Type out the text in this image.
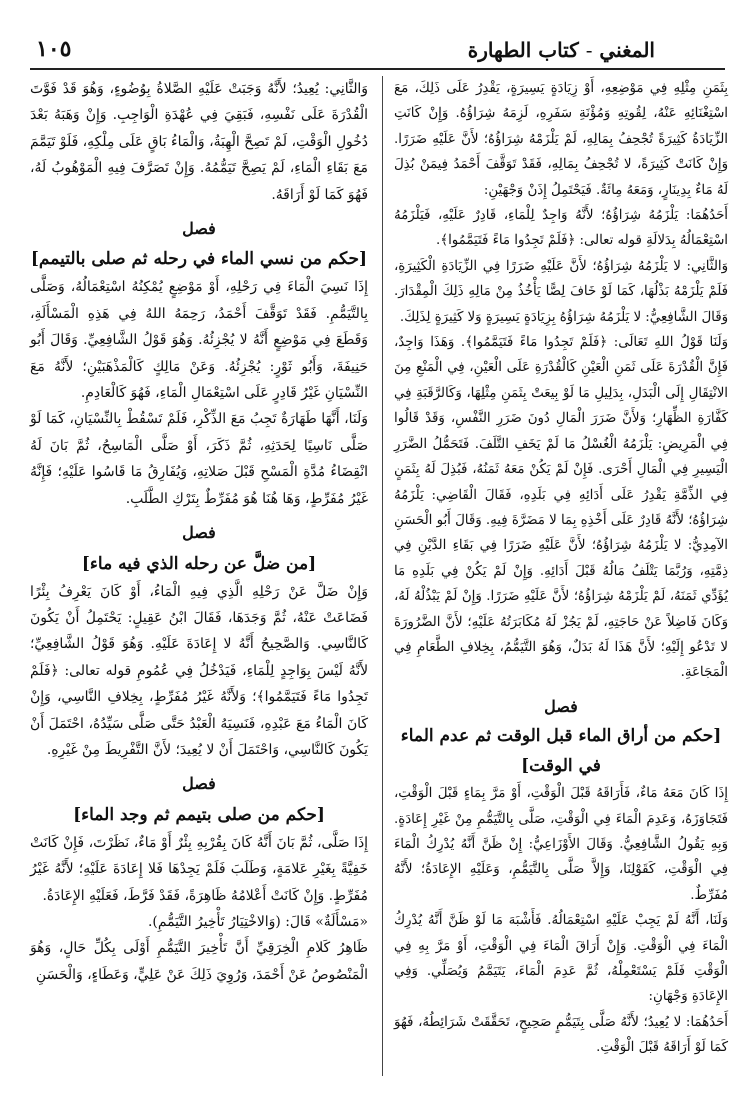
المغني - كتاب الطهارة
١٠٥

بِثَمَنِ مِثْلِهِ فِي مَوْضِعِهِ، أَوْ زِيَادَةٍ يَسِيرَةٍ، يَقْدِرُ عَلَى ذَلِكَ، مَعَ اسْتِغْنَائِهِ عَنْهُ، لِقُوتِهِ وَمُؤْنَةِ سَفَرِهِ، لَزِمَهُ شِرَاؤُهُ. وَإِنْ كَانَتِ الزِّيَادَةُ كَثِيرَةً تُجْحِفُ بِمَالِهِ، لَمْ يَلْزَمْهُ شِرَاؤُهُ؛ لأَنَّ عَلَيْهِ ضَرَرًا. وَإِنْ كَانَتْ كَثِيرَةً، لا تُجْحِفُ بِمَالِهِ، فَقَدْ تَوَقَّفَ أَحْمَدُ فِيمَنْ بُذِلَ لَهُ مَاءٌ بِدِينَارٍ، وَمَعَهُ مِائَةٌ. فَيَحْتَمِلُ إِذَنْ وَجْهَيْنِ:

أَحَدُهُمَا: يَلْزَمُهُ شِرَاؤُهُ؛ لأَنَّهُ وَاجِدٌ لِلْمَاءِ، قَادِرٌ عَلَيْهِ، فَيَلْزَمُهُ اسْتِعْمَالُهُ بِدَلالَةِ قوله تعالى: ﴿فَلَمْ تَجِدُوا مَاءً فَتَيَمَّمُوا﴾.

وَالثَّانِي: لا يَلْزَمُهُ شِرَاؤُهُ؛ لأَنَّ عَلَيْهِ ضَرَرًا فِي الزِّيَادَةِ الْكَثِيرَةِ، فَلَمْ يَلْزَمْهُ بَذْلُهَا، كَمَا لَوْ خَافَ لِصًّا يَأْخُذُ مِنْ مَالِهِ ذَلِكَ الْمِقْدَارَ. وَقَالَ الشَّافِعِيُّ: لا يَلْزَمُهُ شِرَاؤُهُ بِزِيَادَةٍ يَسِيرَةٍ وَلا كَثِيرَةٍ لِذَلِكَ.

وَلَنَا قَوْلُ اللهِ تَعَالَى: ﴿فَلَمْ تَجِدُوا مَاءً فَتَيَمَّمُوا﴾. وَهَذَا وَاجِدٌ، فَإِنَّ الْقُدْرَةَ عَلَى ثَمَنِ الْعَيْنِ كَالْقُدْرَةِ عَلَى الْعَيْنِ، فِي الْمَنْعِ مِنَ الانْتِقَالِ إِلَى الْبَدَلِ، بِدَلِيلِ مَا لَوْ بِيعَتْ بِثَمَنِ مِثْلِهَا، وَكَالرَّقَبَةِ فِي كَفَّارَةِ الظِّهَارِ؛ وَلأَنَّ ضَرَرَ الْمَالِ دُونَ ضَرَرِ النَّفْسِ، وَقَدْ قَالُوا فِي الْمَرِيضِ: يَلْزَمُهُ الْغُسْلُ مَا لَمْ يَخَفِ التَّلَفَ. فَتَحَمُّلُ الضَّرَرِ الْيَسِيرِ فِي الْمَالِ أَحْرَى. فَإِنْ لَمْ يَكُنْ مَعَهُ ثَمَنُهُ، فَبُذِلَ لَهُ بِثَمَنٍ فِي الذِّمَّةِ يَقْدِرُ عَلَى أَدَائِهِ فِي بَلَدِهِ، فَقَالَ الْقَاضِي: يَلْزَمُهُ شِرَاؤُهُ؛ لأَنَّهُ قَادِرٌ عَلَى أَخْذِهِ بِمَا لا مَضَرَّةَ فِيهِ. وَقَالَ أَبُو الْحَسَنِ الآمِدِيُّ: لا يَلْزَمُهُ شِرَاؤُهُ؛ لأَنَّ عَلَيْهِ ضَرَرًا فِي بَقَاءِ الدَّيْنِ فِي ذِمَّتِهِ، وَرُبَّمَا يَتْلَفُ مَالُهُ قَبْلَ أَدَائِهِ. وَإِنْ لَمْ يَكُنْ فِي بَلَدِهِ مَا يُؤَدِّي ثَمَنَهُ، لَمْ يَلْزَمْهُ شِرَاؤُهُ؛ لأَنَّ عَلَيْهِ ضَرَرًا. وَإِنْ لَمْ يَبْذُلْهُ لَهُ، وَكَانَ فَاضِلاً عَنْ حَاجَتِهِ، لَمْ يَجُزْ لَهُ مُكَابَرَتُهُ عَلَيْهِ؛ لأَنَّ الضَّرُورَةَ لا تَدْعُو إِلَيْهِ؛ لأَنَّ هَذَا لَهُ بَدَلٌ، وَهُوَ التَّيَمُّمُ، بِخِلافِ الطَّعَامِ فِي الْمَجَاعَةِ.

فصل
[حكم من أراق الماء قبل الوقت ثم عدم الماء في الوقت]

إِذَا كَانَ مَعَهُ مَاءٌ، فَأَرَاقَهُ قَبْلَ الْوَقْتِ، أَوْ مَرَّ بِمَاءٍ قَبْلَ الْوَقْتِ، فَتَجَاوَزَهُ، وَعَدِمَ الْمَاءَ فِي الْوَقْتِ، صَلَّى بِالتَّيَمُّمِ مِنْ غَيْرِ إِعَادَةٍ. وَبِهِ يَقُولُ الشَّافِعِيُّ. وَقَالَ الأَوْزَاعِيُّ: إِنْ ظَنَّ أَنَّهُ يُدْرِكُ الْمَاءَ فِي الْوَقْتِ، كَقَوْلِنَا، وَإِلاَّ صَلَّى بِالتَّيَمُّمِ، وَعَلَيْهِ الإِعَادَةُ؛ لأَنَّهُ مُفَرِّطٌ.

وَلَنَا، أَنَّهُ لَمْ يَجِبْ عَلَيْهِ اسْتِعْمَالُهُ. فَأَشْبَهَ مَا لَوْ ظَنَّ أَنَّهُ يُدْرِكُ الْمَاءَ فِي الْوَقْتِ. وَإِنْ أَرَاقَ الْمَاءَ فِي الْوَقْتِ، أَوْ مَرَّ بِهِ فِي الْوَقْتِ فَلَمْ يَسْتَعْمِلْهُ، ثُمَّ عَدِمَ الْمَاءَ، يَتَيَمَّمُ وَيُصَلِّي. وَفِي الإِعَادَةِ وَجْهَانِ:

أَحَدُهُمَا: لا يُعِيدُ؛ لأَنَّهُ صَلَّى بِتَيَمُّمٍ صَحِيحٍ، تَحَقَّقَتْ شَرَائِطُهُ، فَهُوَ كَمَا لَوْ أَرَاقَهُ قَبْلَ الْوَقْتِ.

وَالثَّانِي: يُعِيدُ؛ لأَنَّهُ وَجَبَتْ عَلَيْهِ الصَّلاةُ بِوُضُوءٍ، وَهُوَ قَدْ فَوَّتَ الْقُدْرَةَ عَلَى نَفْسِهِ، فَبَقِيَ فِي عُهْدَةِ الْوَاجِبِ. وَإِنْ وَهَبَهُ بَعْدَ دُخُولِ الْوَقْتِ، لَمْ تَصِحَّ الْهِبَةُ، وَالْمَاءُ بَاقٍ عَلَى مِلْكِهِ، فَلَوْ تَيَمَّمَ مَعَ بَقَاءِ الْمَاءِ، لَمْ يَصِحَّ تَيَمُّمُهُ. وَإِنْ تَصَرَّفَ فِيهِ الْمَوْهُوبُ لَهُ، فَهُوَ كَمَا لَوْ أَرَاقَهُ.

فصل
[حكم من نسي الماء في رحله ثم صلى بالتيمم]

إِذَا نَسِيَ الْمَاءَ فِي رَحْلِهِ، أَوْ مَوْضِعٍ يُمْكِنُهُ اسْتِعْمَالُهُ، وَصَلَّى بِالتَّيَمُّمِ. فَقَدْ تَوَقَّفَ أَحْمَدُ، رَحِمَهُ اللهُ فِي هَذِهِ الْمَسْأَلَةِ، وَقَطَعَ فِي مَوْضِعٍ أَنَّهُ لا يُجْزِئُهُ. وَهُوَ قَوْلُ الشَّافِعِيِّ. وَقَالَ أَبُو حَنِيفَةَ، وَأَبُو ثَوْرٍ: يُجْزِئُهُ. وَعَنْ مَالِكٍ كَالْمَذْهَبَيْنِ؛ لأَنَّهُ مَعَ النِّسْيَانِ غَيْرُ قَادِرٍ عَلَى اسْتِعْمَالِ الْمَاءِ، فَهُوَ كَالْعَادِمِ.

وَلَنَا، أَنَّهَا طَهَارَةٌ تَجِبُ مَعَ الذِّكْرِ، فَلَمْ تَسْقُطْ بِالنِّسْيَانِ، كَمَا لَوْ صَلَّى نَاسِيًا لِحَدَثِهِ، ثُمَّ ذَكَرَ، أَوْ صَلَّى الْمَاسِحُ، ثُمَّ بَانَ لَهُ انْقِضَاءُ مُدَّةِ الْمَسْحِ قَبْلَ صَلاتِهِ، وَيُفَارِقُ مَا قَاسُوا عَلَيْهِ؛ فَإِنَّهُ غَيْرُ مُفَرِّطٍ، وَهَا هُنَا هُوَ مُفَرِّطٌ بِتَرْكِ الطَّلَبِ.

فصل
[من ضلَّ عن رحله الذي فيه ماء]

وَإِنْ ضَلَّ عَنْ رَحْلِهِ الَّذِي فِيهِ الْمَاءُ، أَوْ كَانَ يَعْرِفُ بِئْرًا فَضَاعَتْ عَنْهُ، ثُمَّ وَجَدَهَا، فَقَالَ ابْنُ عَقِيلٍ: يَحْتَمِلُ أَنْ يَكُونَ كَالنَّاسِي. وَالصَّحِيحُ أَنَّهُ لا إِعَادَةَ عَلَيْهِ. وَهُوَ قَوْلُ الشَّافِعِيِّ؛ لأَنَّهُ لَيْسَ بِوَاجِدٍ لِلْمَاءِ، فَيَدْخُلُ فِي عُمُومِ قوله تعالى: ﴿فَلَمْ تَجِدُوا مَاءً فَتَيَمَّمُوا﴾؛ وَلأَنَّهُ غَيْرُ مُفَرِّطٍ، بِخِلافِ النَّاسِي، وَإِنْ كَانَ الْمَاءُ مَعَ عَبْدِهِ، فَنَسِيَهُ الْعَبْدُ حَتَّى صَلَّى سَيِّدُهُ، احْتَمَلَ أَنْ يَكُونَ كَالنَّاسِي، وَاحْتَمَلَ أَنْ لا يُعِيدَ؛ لأَنَّ التَّفْرِيطَ مِنْ غَيْرِهِ.

فصل
[حكم من صلى بتيمم ثم وجد الماء]

إِذَا صَلَّى، ثُمَّ بَانَ أَنَّهُ كَانَ بِقُرْبِهِ بِئْرٌ أَوْ مَاءٌ، نَظَرْتَ، فَإِنْ كَانَتْ خَفِيَّةً بِغَيْرِ عَلامَةٍ، وَطَلَبَ فَلَمْ يَجِدْهَا فَلا إِعَادَةَ عَلَيْهِ؛ لأَنَّهُ غَيْرُ مُفَرِّطٍ. وَإِنْ كَانَتْ أَعْلامُهُ ظَاهِرَةً، فَقَدْ فَرَّطَ، فَعَلَيْهِ الإِعَادَةُ.

«مَسْأَلَةٌ» قَالَ: (وَالاخْتِيَارُ تَأْخِيرُ التَّيَمُّمِ).

ظَاهِرُ كَلامِ الْخِرَقِيِّ أَنَّ تَأْخِيرَ التَّيَمُّمِ أَوْلَى بِكُلِّ حَالٍ، وَهُوَ الْمَنْصُوصُ عَنْ أَحْمَدَ، وَرُوِيَ ذَلِكَ عَنْ عَلِيٍّ، وَعَطَاءٍ، وَالْحَسَنِ
